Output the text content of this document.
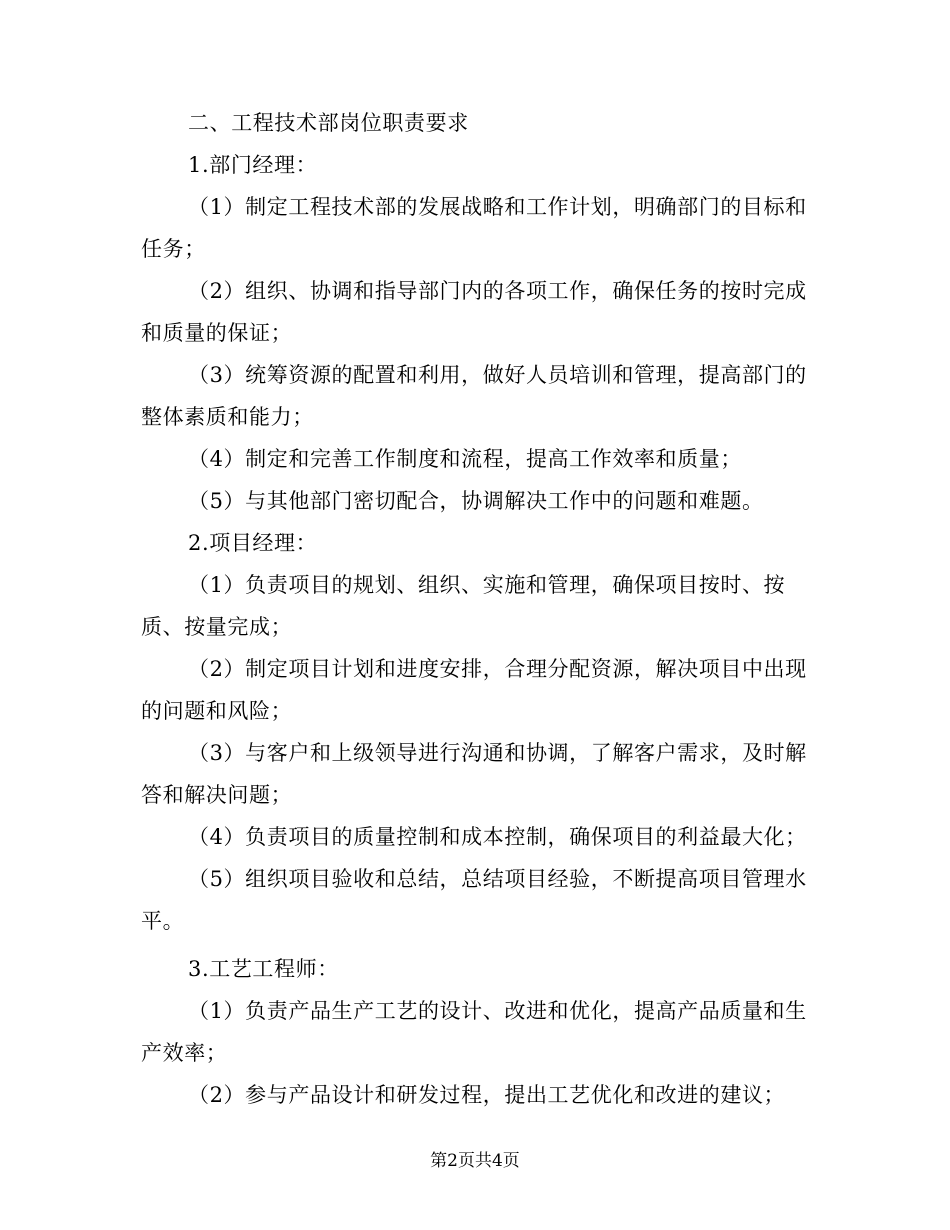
二、工程技术部岗位职责要求
1.部门经理：
（1）制定工程技术部的发展战略和工作计划，明确部门的目标和
任务；
（2）组织、协调和指导部门内的各项工作，确保任务的按时完成
和质量的保证；
（3）统筹资源的配置和利用，做好人员培训和管理，提高部门的
整体素质和能力；
（4）制定和完善工作制度和流程，提高工作效率和质量；
（5）与其他部门密切配合，协调解决工作中的问题和难题。
2.项目经理：
（1）负责项目的规划、组织、实施和管理，确保项目按时、按
质、按量完成；
（2）制定项目计划和进度安排，合理分配资源，解决项目中出现
的问题和风险；
（3）与客户和上级领导进行沟通和协调，了解客户需求，及时解
答和解决问题；
（4）负责项目的质量控制和成本控制，确保项目的利益最大化；
（5）组织项目验收和总结，总结项目经验，不断提高项目管理水
平。
3.工艺工程师：
（1）负责产品生产工艺的设计、改进和优化，提高产品质量和生
产效率；
（2）参与产品设计和研发过程，提出工艺优化和改进的建议；
第2页共4页
